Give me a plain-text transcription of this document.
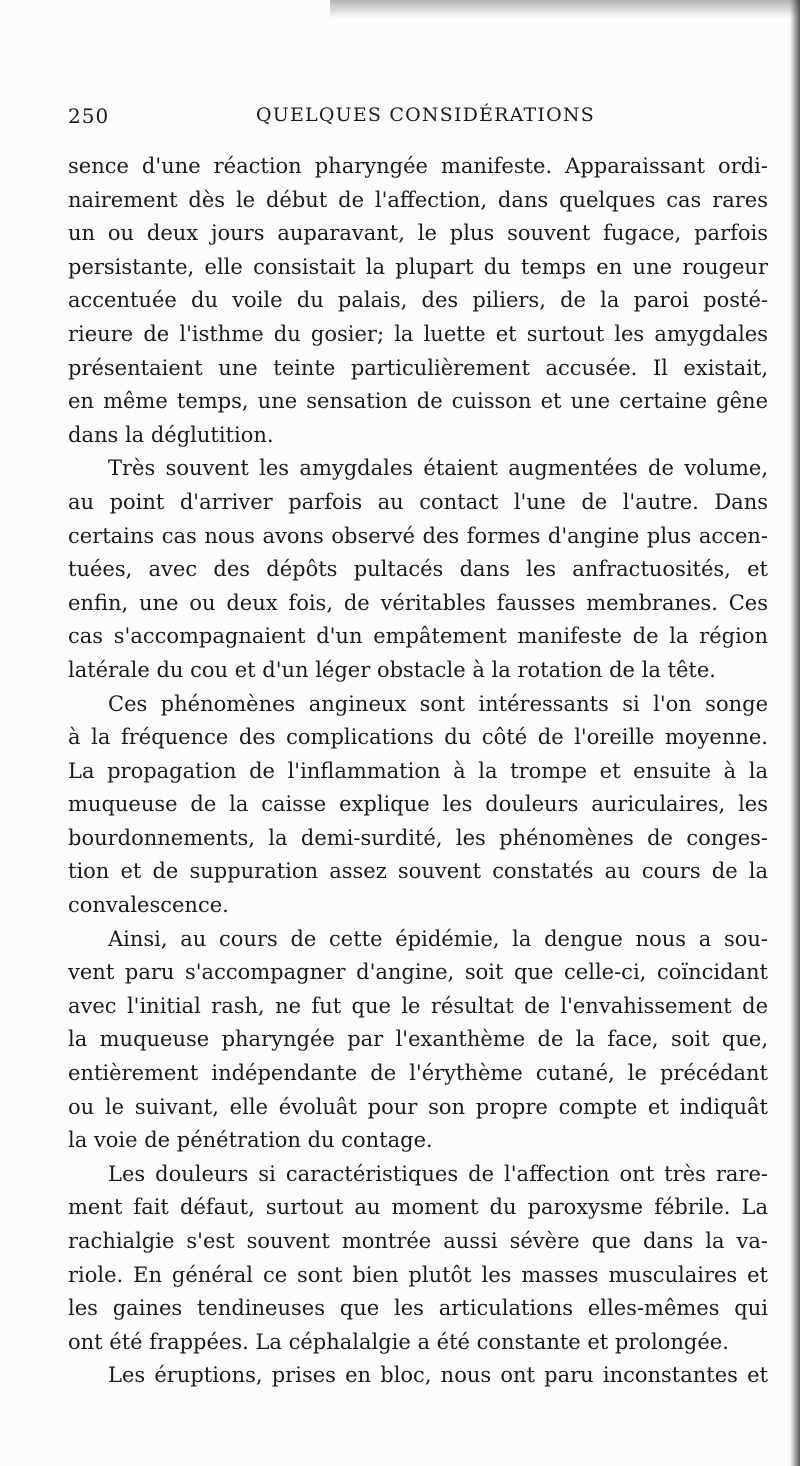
250	QUELQUES CONSIDÉRATIONS
sence d'une réaction pharyngée manifeste. Apparaissant ordi-
nairement dès le début de l'affection, dans quelques cas rares
un ou deux jours auparavant, le plus souvent fugace, parfois
persistante, elle consistait la plupart du temps en une rougeur
accentuée du voile du palais, des piliers, de la paroi posté-
rieure de l'isthme du gosier; la luette et surtout les amygdales
présentaient une teinte particulièrement accusée. Il existait,
en même temps, une sensation de cuisson et une certaine gêne
dans la déglutition.
Très souvent les amygdales étaient augmentées de volume,
au point d'arriver parfois au contact l'une de l'autre. Dans
certains cas nous avons observé des formes d'angine plus accen-
tuées, avec des dépôts pultacés dans les anfractuosités, et
enfin, une ou deux fois, de véritables fausses membranes. Ces
cas s'accompagnaient d'un empâtement manifeste de la région
latérale du cou et d'un léger obstacle à la rotation de la tête.
Ces phénomènes angineux sont intéressants si l'on songe
à la fréquence des complications du côté de l'oreille moyenne.
La propagation de l'inflammation à la trompe et ensuite à la
muqueuse de la caisse explique les douleurs auriculaires, les
bourdonnements, la demi-surdité, les phénomènes de conges-
tion et de suppuration assez souvent constatés au cours de la
convalescence.
Ainsi, au cours de cette épidémie, la dengue nous a sou-
vent paru s'accompagner d'angine, soit que celle-ci, coïncidant
avec l'initial rash, ne fut que le résultat de l'envahissement de
la muqueuse pharyngée par l'exanthème de la face, soit que,
entièrement indépendante de l'érythème cutané, le précédant
ou le suivant, elle évoluât pour son propre compte et indiquât
la voie de pénétration du contage.
Les douleurs si caractéristiques de l'affection ont très rare-
ment fait défaut, surtout au moment du paroxysme fébrile. La
rachialgie s'est souvent montrée aussi sévère que dans la va-
riole. En général ce sont bien plutôt les masses musculaires et
les gaines tendineuses que les articulations elles-mêmes qui
ont été frappées. La céphalalgie a été constante et prolongée.
Les éruptions, prises en bloc, nous ont paru inconstantes et
